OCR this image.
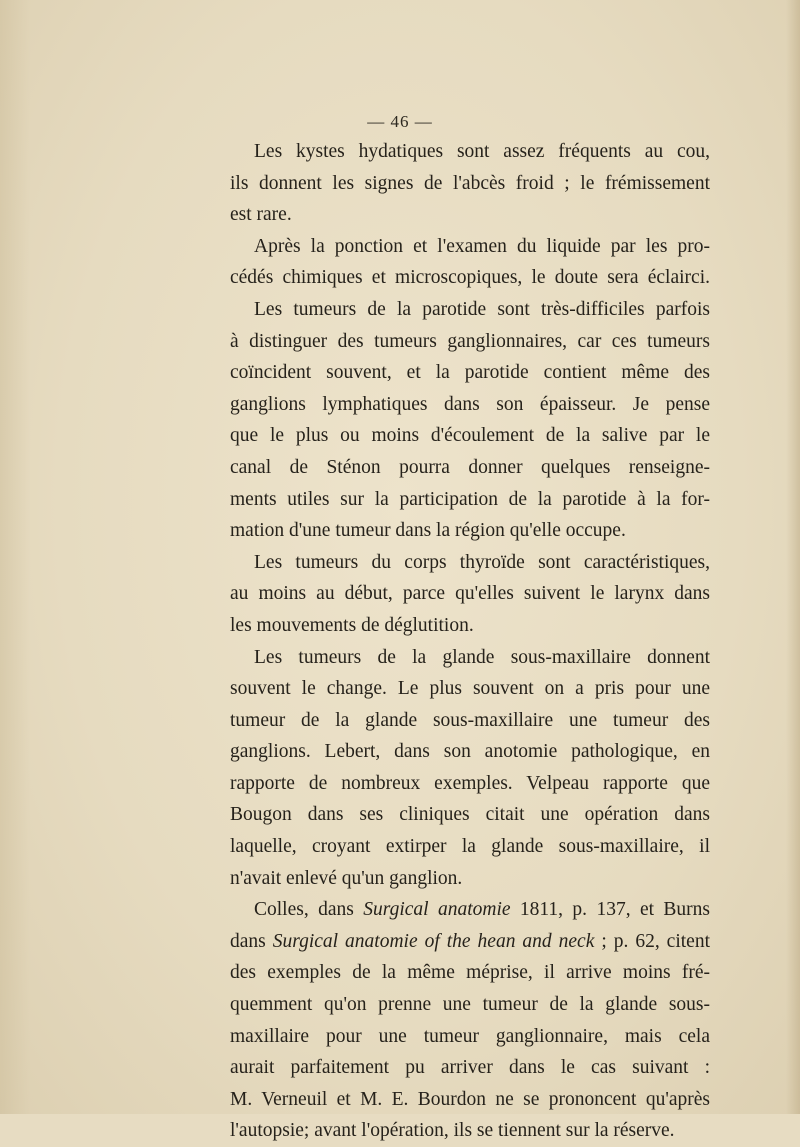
— 46 —
Les kystes hydatiques sont assez fréquents au cou,
ils donnent les signes de l'abcès froid ; le frémissement
est rare.
Après la ponction et l'examen du liquide par les pro-
cédés chimiques et microscopiques, le doute sera éclairci.
Les tumeurs de la parotide sont très-difficiles parfois
à distinguer des tumeurs ganglionnaires, car ces tumeurs
coïncident souvent, et la parotide contient même des
ganglions lymphatiques dans son épaisseur. Je pense
que le plus ou moins d'écoulement de la salive par le
canal de Sténon pourra donner quelques renseigne-
ments utiles sur la participation de la parotide à la for-
mation d'une tumeur dans la région qu'elle occupe.
Les tumeurs du corps thyroïde sont caractéristiques,
au moins au début, parce qu'elles suivent le larynx dans
les mouvements de déglutition.
Les tumeurs de la glande sous-maxillaire donnent
souvent le change. Le plus souvent on a pris pour une
tumeur de la glande sous-maxillaire une tumeur des
ganglions. Lebert, dans son anotomie pathologique, en
rapporte de nombreux exemples. Velpeau rapporte que
Bougon dans ses cliniques citait une opération dans
laquelle, croyant extirper la glande sous-maxillaire, il
n'avait enlevé qu'un ganglion.
Colles, dans Surgical anatomie 1811, p. 137, et Burns
dans Surgical anatomie of the hean and neck ; p. 62, citent
des exemples de la même méprise, il arrive moins fré-
quemment qu'on prenne une tumeur de la glande sous-
maxillaire pour une tumeur ganglionnaire, mais cela
aurait parfaitement pu arriver dans le cas suivant :
M. Verneuil et M. E. Bourdon ne se prononcent qu'après
l'autopsie; avant l'opération, ils se tiennent sur la réserve.
